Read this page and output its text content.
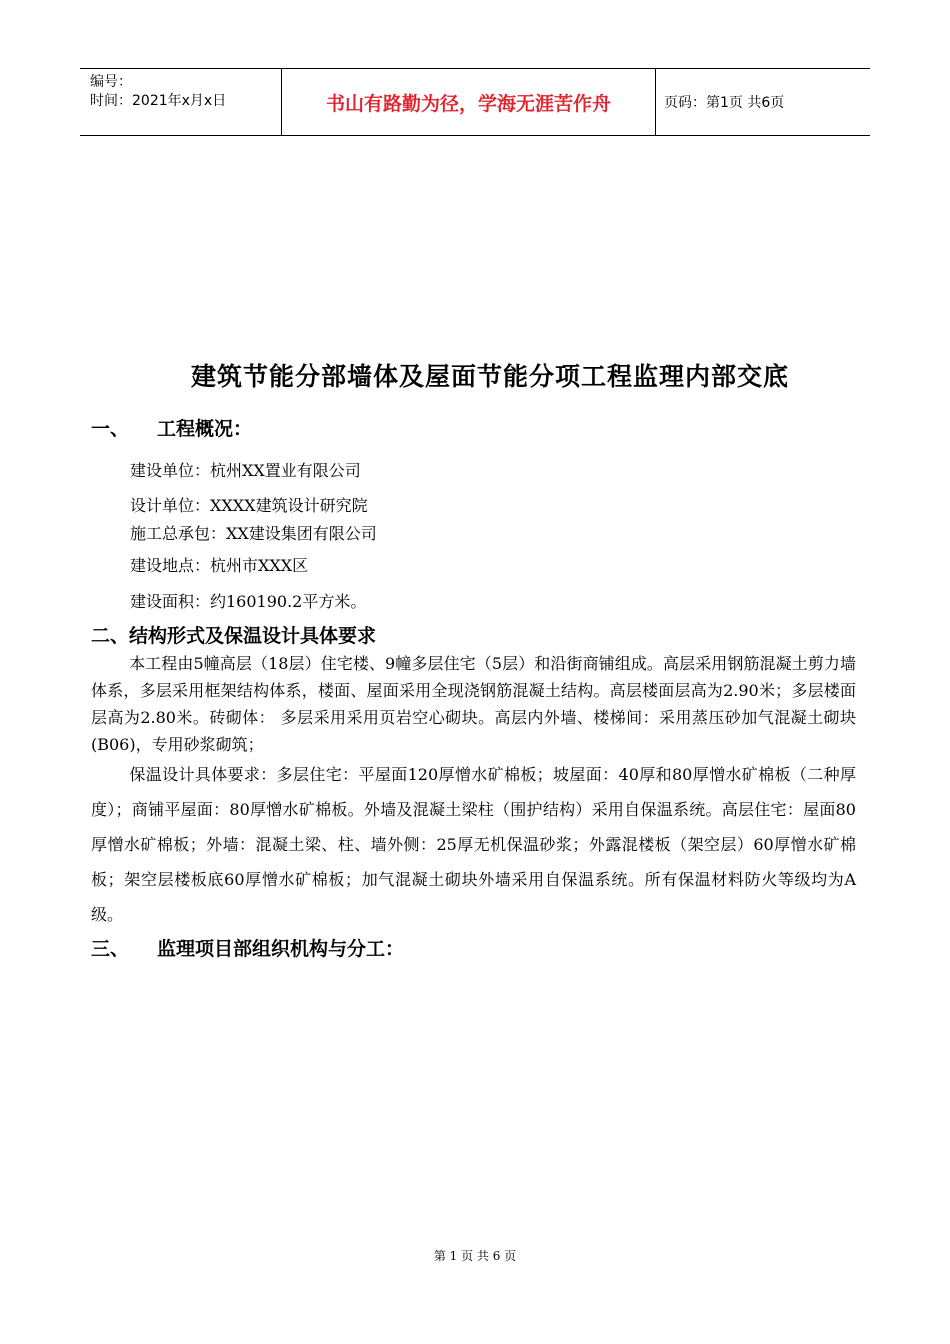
编号：
时间：2021年x月x日	书山有路勤为径，学海无涯苦作舟	页码：第1页 共6页
建筑节能分部墙体及屋面节能分项工程监理内部交底
一、 工程概况：
建设单位：杭州XX置业有限公司
设计单位：XXXX建筑设计研究院
施工总承包：XX建设集团有限公司
建设地点：杭州市XXX区
建设面积：约160190.2平方米。
二、结构形式及保温设计具体要求
本工程由5幢高层（18层）住宅楼、9幢多层住宅（5层）和沿街商铺组成。高层采用钢筋混凝土剪力墙体系，多层采用框架结构体系，楼面、屋面采用全现浇钢筋混凝土结构。高层楼面层高为2.90米；多层楼面层高为2.80米。砖砌体： 多层采用采用页岩空心砌块。高层内外墙、楼梯间：采用蒸压砂加气混凝土砌块(B06)，专用砂浆砌筑；
保温设计具体要求：多层住宅：平屋面120厚憎水矿棉板；坡屋面：40厚和80厚憎水矿棉板（二种厚度）；商铺平屋面：80厚憎水矿棉板。外墙及混凝土梁柱（围护结构）采用自保温系统。高层住宅：屋面80厚憎水矿棉板；外墙：混凝土梁、柱、墙外侧：25厚无机保温砂浆；外露混楼板（架空层）60厚憎水矿棉板；架空层楼板底60厚憎水矿棉板；加气混凝土砌块外墙采用自保温系统。所有保温材料防火等级均为A级。
三、 监理项目部组织机构与分工：
第 1 页 共 6 页
